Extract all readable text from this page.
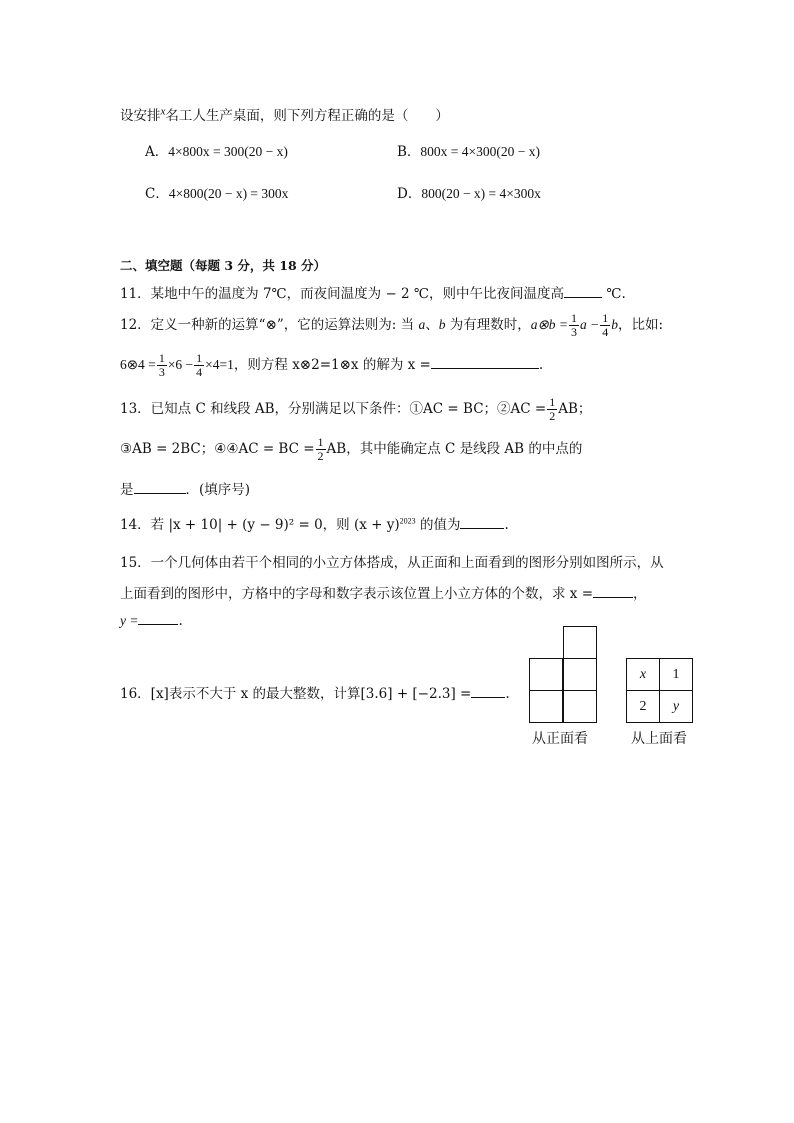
设安排$^x$名工人生产桌面，则下列方程正确的是（　　）
A．4×800x = 300(20 − x)	B．800x = 4×300(20 − x)
C．4×800(20 − x) = 300x	D．800(20 − x) = 4×300x
二、填空题（每题 3 分，共 18 分）
11．某地中午的温度为 7℃，而夜间温度为 − 2 ℃，则中午比夜间温度高	℃.
12．定义一种新的运算“⊗”，它的运算法则为: 当 a、b 为有理数时，a⊗b = $\frac{1}{3}$ $a - \frac{1}{4}$ b，比如:
6⊗4 = $\frac{1}{3} \times 6 - \frac{1}{4} \times 4=1$，则方程 x⊗2=1⊗x 的解为 x =	.
13．已知点 C 和线段 AB，分别满足以下条件：①AC = BC；②AC = $\frac{1}{2}$ AB；
③AB = 2BC；④④AC = BC = $\frac{1}{2}$ AB，其中能确定点 C 是线段 AB 的中点的
是	．(填序号)
14．若 |x + 10| + (y − 9)² = 0，则 $(x + y)^{2023}$ 的值为	.
15．一个几何体由若干个相同的小立方体搭成，从正面和上面看到的图形分别如图所示，从
上面看到的图形中，方格中的字母和数字表示该位置上小立方体的个数，求 x =	，
y =	.
16．[x]表示不大于 x 的最大整数，计算[3.6] + [−2.3] =	.
从正面看
x 1
2 y
从上面看
